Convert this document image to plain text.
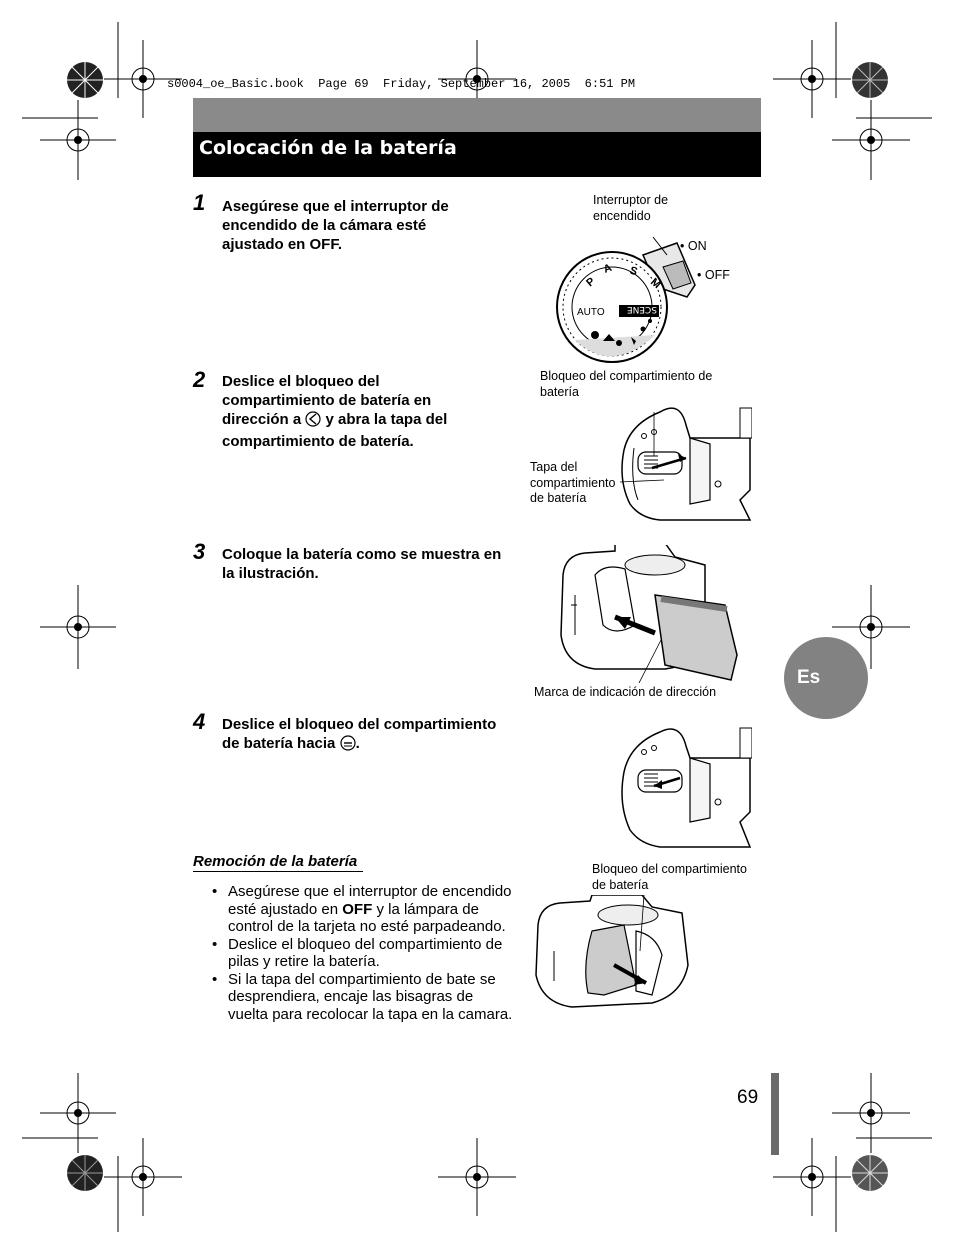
s0004_oe_Basic.book  Page 69  Friday, September 16, 2005  6:51 PM
Colocación de la batería
1 Asegúrese que el interruptor de encendido de la cámara esté ajustado en OFF.
2 Deslice el bloqueo del compartimiento de batería en dirección a y abra la tapa del compartimiento de batería.
3 Coloque la batería como se muestra en la ilustración.
4 Deslice el bloqueo del compartimiento de batería hacia .
Interruptor de encendido
• ON
• OFF
SCENE
AUTO
M
S
A
P
Bloqueo del compartimiento de batería
Tapa del compartimiento de batería
Marca de indicación de dirección
Remoción de la batería
• Asegúrese que el interruptor de encendido esté ajustado en OFF y la lámpara de control de la tarjeta no esté parpadeando.
• Deslice el bloqueo del compartimiento de pilas y retire la batería.
• Si la tapa del compartimiento de bate se desprendiera, encaje las bisagras de vuelta para recolocar la tapa en la camara.
Bloqueo del compartimiento de batería
Es
69
